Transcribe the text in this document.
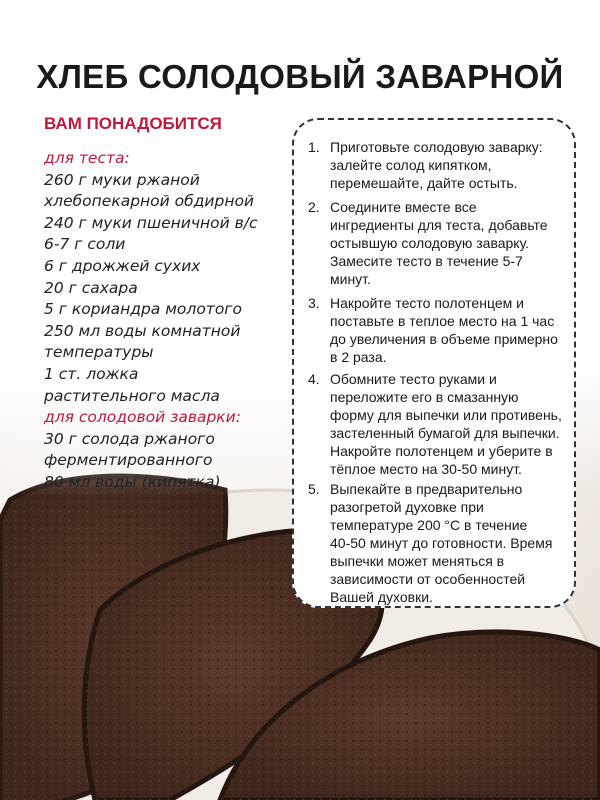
ХЛЕБ СОЛОДОВЫЙ ЗАВАРНОЙ
ВАМ ПОНАДОБИТСЯ
для теста:
260 г муки ржаной
хлебопекарной обдирной
240 г муки пшеничной в/с
6-7 г соли
6 г дрожжей сухих
20 г сахара
5 г кориандра молотого
250 мл воды комнатной
температуры
1 ст. ложка
растительного масла
для солодовой заварки:
30 г солода ржаного
ферментированного
80 мл воды (кипятка)
1. Приготовьте солодовую заварку:
залейте солод кипятком,
перемешайте, дайте остыть.
2. Соедините вместе все
ингредиенты для теста, добавьте
остывшую солодовую заварку.
Замесите тесто в течение 5-7
минут.
3. Накройте тесто полотенцем и
поставьте в теплое место на 1 час
до увеличения в объеме примерно
в 2 раза.
4. Обомните тесто руками и
переложите его в смазанную
форму для выпечки или противень,
застеленный бумагой для выпечки.
Накройте полотенцем и уберите в
тёплое место на 30-50 минут.
5. Выпекайте в предварительно
разогретой духовке при
температуре 200 °С в течение
40-50 минут до готовности. Время
выпечки может меняться в
зависимости от особенностей
Вашей духовки.
